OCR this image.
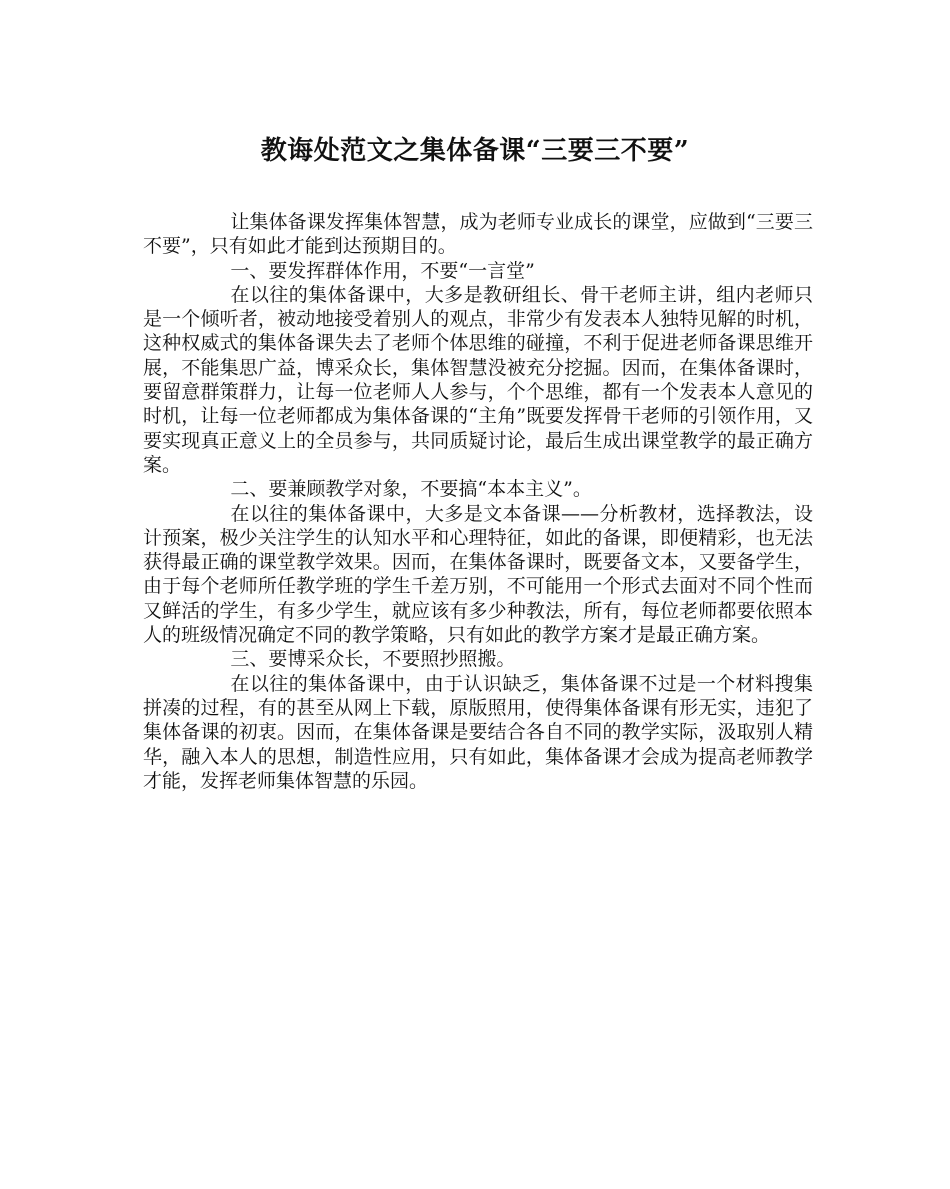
教诲处范文之集体备课“三要三不要”

让集体备课发挥集体智慧，成为老师专业成长的课堂，应做到“三要三不要”，只有如此才能到达预期目的。

一、要发挥群体作用，不要“一言堂”

在以往的集体备课中，大多是教研组长、骨干老师主讲，组内老师只是一个倾听者，被动地接受着别人的观点，非常少有发表本人独特见解的时机，这种权威式的集体备课失去了老师个体思维的碰撞，不利于促进老师备课思维开展，不能集思广益，博采众长，集体智慧没被充分挖掘。因而，在集体备课时，要留意群策群力，让每一位老师人人参与，个个思维，都有一个发表本人意见的时机，让每一位老师都成为集体备课的“主角”既要发挥骨干老师的引领作用，又要实现真正意义上的全员参与，共同质疑讨论，最后生成出课堂教学的最正确方案。

二、要兼顾教学对象，不要搞“本本主义”。

在以往的集体备课中，大多是文本备课——分析教材，选择教法，设计预案，极少关注学生的认知水平和心理特征，如此的备课，即便精彩，也无法获得最正确的课堂教学效果。因而，在集体备课时，既要备文本，又要备学生，由于每个老师所任教学班的学生千差万别，不可能用一个形式去面对不同个性而又鲜活的学生，有多少学生，就应该有多少种教法，所有，每位老师都要依照本人的班级情况确定不同的教学策略，只有如此的教学方案才是最正确方案。

三、要博采众长，不要照抄照搬。

在以往的集体备课中，由于认识缺乏，集体备课不过是一个材料搜集拼凑的过程，有的甚至从网上下载，原版照用，使得集体备课有形无实，违犯了集体备课的初衷。因而，在集体备课是要结合各自不同的教学实际，汲取别人精华，融入本人的思想，制造性应用，只有如此，集体备课才会成为提高老师教学才能，发挥老师集体智慧的乐园。
